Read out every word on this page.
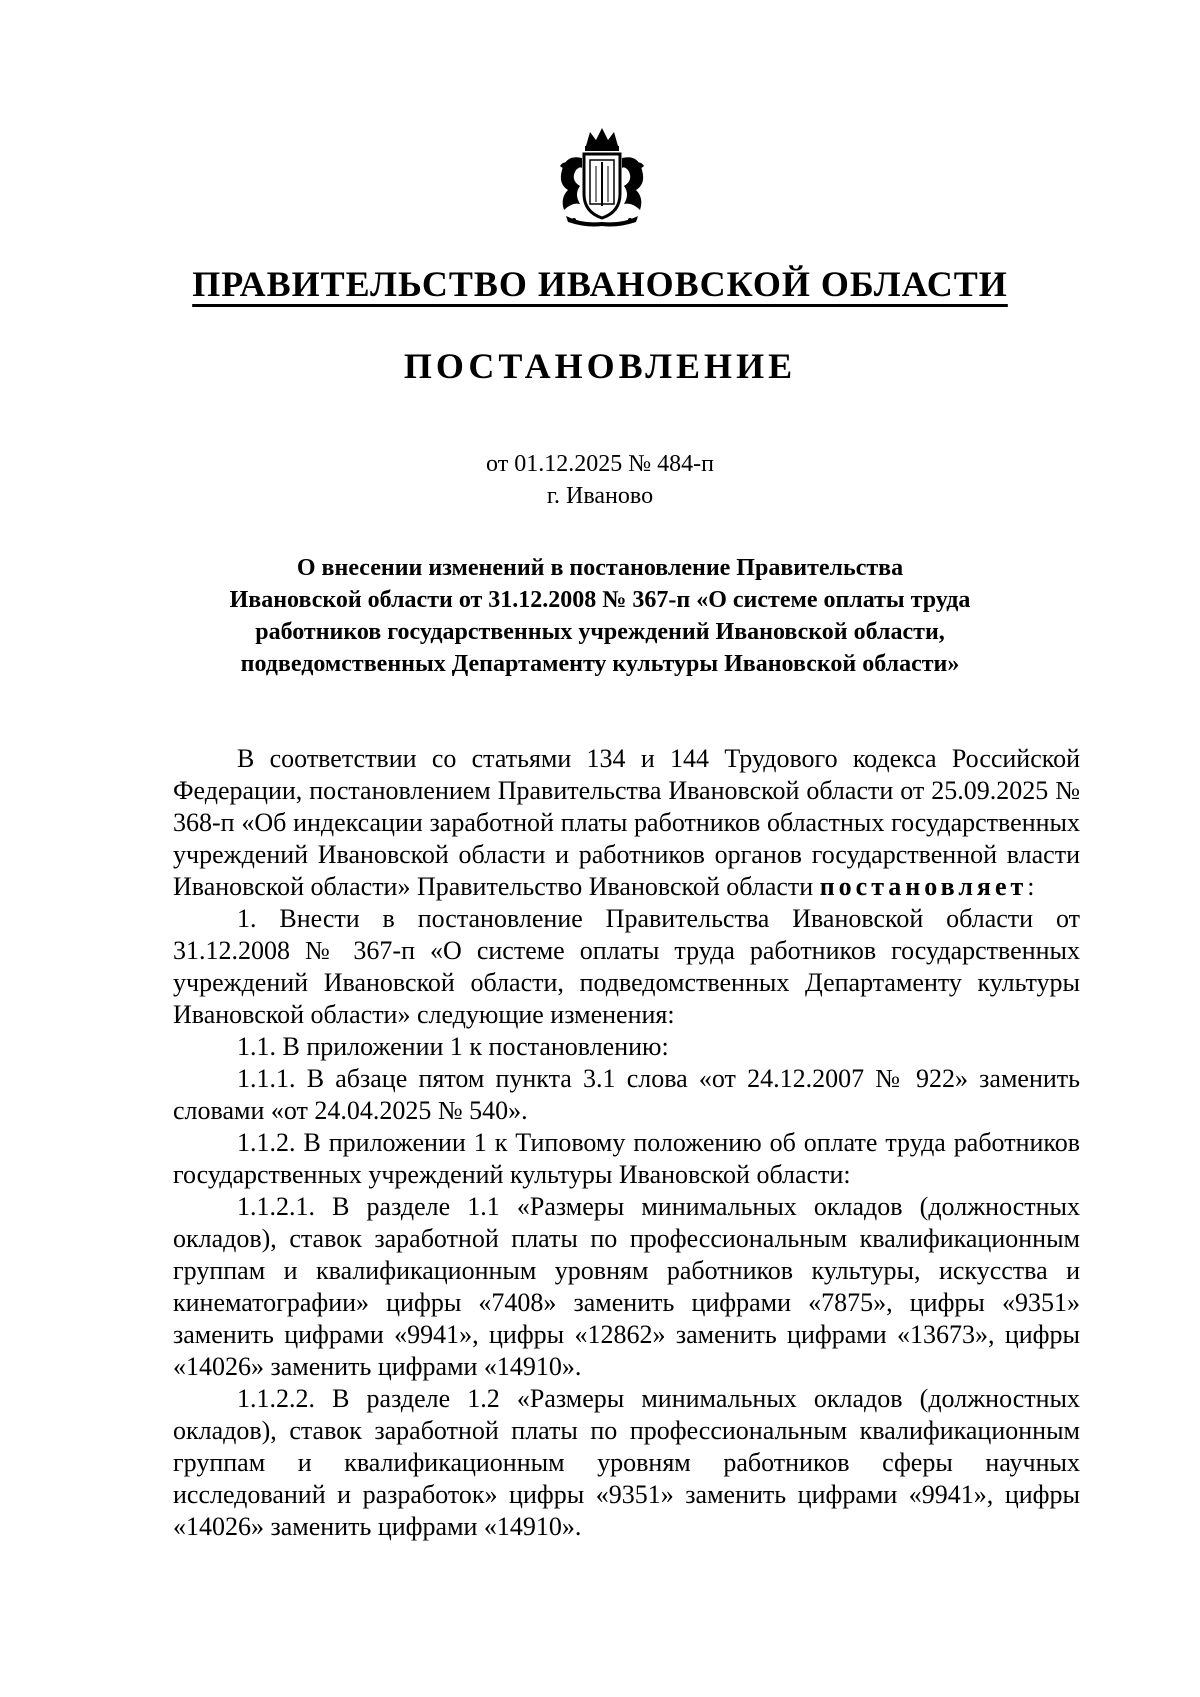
ПРАВИТЕЛЬСТВО ИВАНОВСКОЙ ОБЛАСТИ
ПОСТАНОВЛЕНИЕ
от 01.12.2025 № 484-п
г. Иваново
О внесении изменений в постановление Правительства
Ивановской области от 31.12.2008 № 367-п «О системе оплаты труда
работников государственных учреждений Ивановской области,
подведомственных Департаменту культуры Ивановской области»

В соответствии со статьями 134 и 144 Трудового кодекса Российской Федерации, постановлением Правительства Ивановской области от 25.09.2025 № 368-п «Об индексации заработной платы работников областных государственных учреждений Ивановской области и работников органов государственной власти Ивановской области» Правительство Ивановской области постановляет:

1. Внести в постановление Правительства Ивановской области от 31.12.2008 № 367-п «О системе оплаты труда работников государственных учреждений Ивановской области, подведомственных Департаменту культуры Ивановской области» следующие изменения:

1.1. В приложении 1 к постановлению:

1.1.1. В абзаце пятом пункта 3.1 слова «от 24.12.2007 № 922» заменить словами «от 24.04.2025 № 540».

1.1.2. В приложении 1 к Типовому положению об оплате труда работников государственных учреждений культуры Ивановской области:

1.1.2.1. В разделе 1.1 «Размеры минимальных окладов (должностных окладов), ставок заработной платы по профессиональным квалификационным группам и квалификационным уровням работников культуры, искусства и кинематографии» цифры «7408» заменить цифрами «7875», цифры «9351» заменить цифрами «9941», цифры «12862» заменить цифрами «13673», цифры «14026» заменить цифрами «14910».

1.1.2.2. В разделе 1.2 «Размеры минимальных окладов (должностных окладов), ставок заработной платы по профессиональным квалификационным группам и квалификационным уровням работников сферы научных исследований и разработок» цифры «9351» заменить цифрами «9941», цифры «14026» заменить цифрами «14910».
